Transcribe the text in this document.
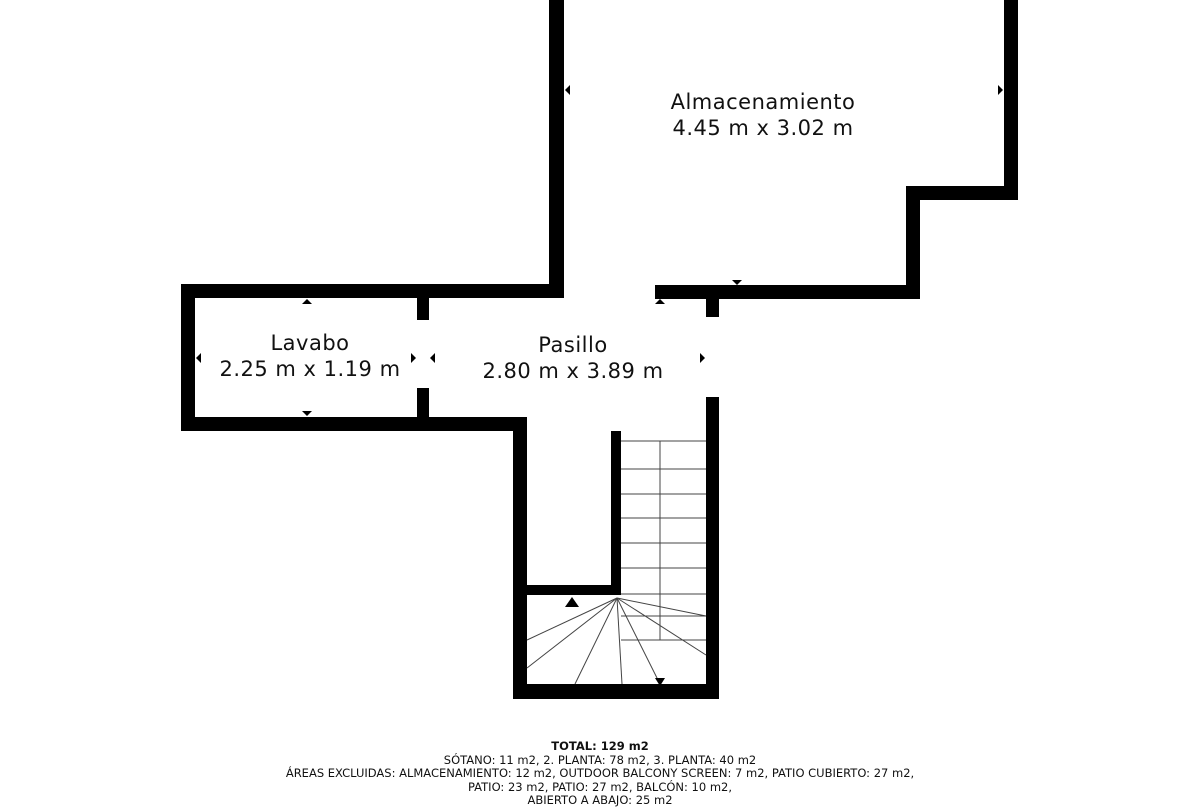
Almacenamiento
4.45 m x 3.02 m
Lavabo
2.25 m x 1.19 m
Pasillo
2.80 m x 3.89 m
TOTAL: 129 m2
SÓTANO: 11 m2, 2. PLANTA: 78 m2, 3. PLANTA: 40 m2
ÁREAS EXCLUIDAS: ALMACENAMIENTO: 12 m2, OUTDOOR BALCONY SCREEN: 7 m2, PATIO CUBIERTO: 27 m2,
PATIO: 23 m2, PATIO: 27 m2, BALCÓN: 10 m2,
ABIERTO A ABAJO: 25 m2
